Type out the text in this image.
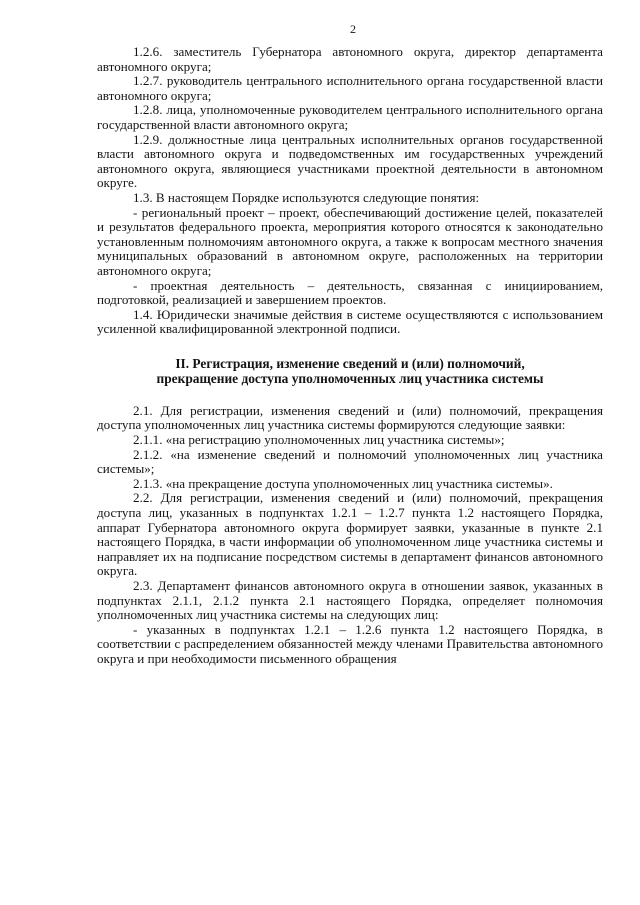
2

1.2.6. заместитель Губернатора автономного округа, директор департамента автономного округа;

1.2.7. руководитель центрального исполнительного органа государственной власти автономного округа;

1.2.8. лица, уполномоченные руководителем центрального исполнительного органа государственной власти автономного округа;

1.2.9. должностные лица центральных исполнительных органов государственной власти автономного округа и подведомственных им государственных учреждений автономного округа, являющиеся участниками проектной деятельности в автономном округе.

1.3. В настоящем Порядке используются следующие понятия:

- региональный проект – проект, обеспечивающий достижение целей, показателей и результатов федерального проекта, мероприятия которого относятся к законодательно установленным полномочиям автономного округа, а также к вопросам местного значения муниципальных образований в автономном округе, расположенных на территории автономного округа;

- проектная деятельность – деятельность, связанная с инициированием, подготовкой, реализацией и завершением проектов.

1.4. Юридически значимые действия в системе осуществляются с использованием усиленной квалифицированной электронной подписи.

II. Регистрация, изменение сведений и (или) полномочий,
прекращение доступа уполномоченных лиц участника системы

2.1. Для регистрации, изменения сведений и (или) полномочий, прекращения доступа уполномоченных лиц участника системы формируются следующие заявки:

2.1.1. «на регистрацию уполномоченных лиц участника системы»;

2.1.2. «на изменение сведений и полномочий уполномоченных лиц участника системы»;

2.1.3. «на прекращение доступа уполномоченных лиц участника системы».

2.2. Для регистрации, изменения сведений и (или) полномочий, прекращения доступа лиц, указанных в подпунктах 1.2.1 – 1.2.7 пункта 1.2 настоящего Порядка, аппарат Губернатора автономного округа формирует заявки, указанные в пункте 2.1 настоящего Порядка, в части информации об уполномоченном лице участника системы и направляет их на подписание посредством системы в департамент финансов автономного округа.

2.3. Департамент финансов автономного округа в отношении заявок, указанных в подпунктах 2.1.1, 2.1.2 пункта 2.1 настоящего Порядка, определяет полномочия уполномоченных лиц участника системы на следующих лиц:

- указанных в подпунктах 1.2.1 – 1.2.6 пункта 1.2 настоящего Порядка, в соответствии с распределением обязанностей между членами Правительства автономного округа и при необходимости письменного обращения
